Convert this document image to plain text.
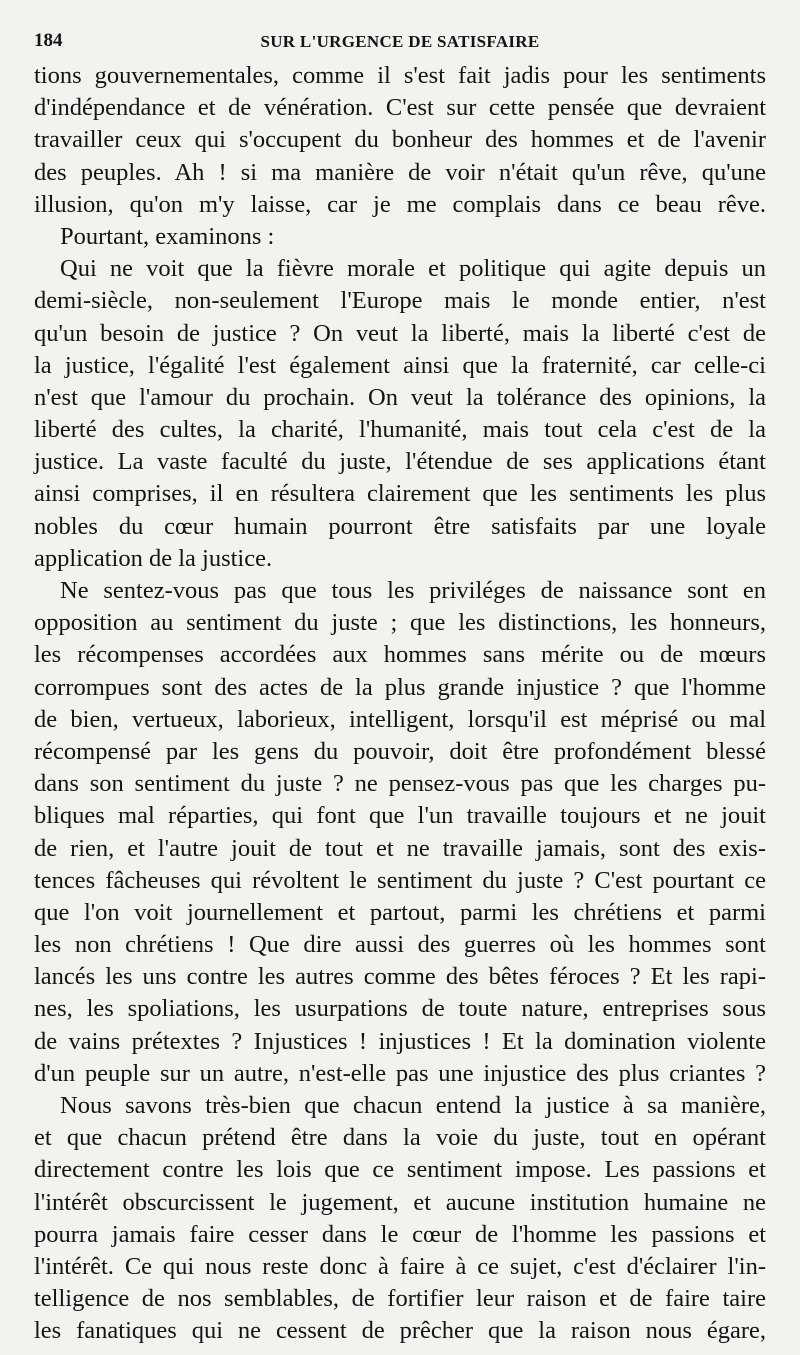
184	SUR L'URGENCE DE SATISFAIRE
tions gouvernementales, comme il s'est fait jadis pour les sentiments
d'indépendance et de vénération. C'est sur cette pensée que devraient
travailler ceux qui s'occupent du bonheur des hommes et de l'avenir
des peuples. Ah ! si ma manière de voir n'était qu'un rêve, qu'une
illusion, qu'on m'y laisse, car je me complais dans ce beau rêve.
Pourtant, examinons :
Qui ne voit que la fièvre morale et politique qui agite depuis un
demi-siècle, non-seulement l'Europe mais le monde entier, n'est
qu'un besoin de justice ? On veut la liberté, mais la liberté c'est de
la justice, l'égalité l'est également ainsi que la fraternité, car celle-ci
n'est que l'amour du prochain. On veut la tolérance des opinions, la
liberté des cultes, la charité, l'humanité, mais tout cela c'est de la
justice. La vaste faculté du juste, l'étendue de ses applications étant
ainsi comprises, il en résultera clairement que les sentiments les plus
nobles du cœur humain pourront être satisfaits par une loyale
application de la justice.
Ne sentez-vous pas que tous les priviléges de naissance sont en
opposition au sentiment du juste ; que les distinctions, les honneurs,
les récompenses accordées aux hommes sans mérite ou de mœurs
corrompues sont des actes de la plus grande injustice ? que l'homme
de bien, vertueux, laborieux, intelligent, lorsqu'il est méprisé ou mal
récompensé par les gens du pouvoir, doit être profondément blessé
dans son sentiment du juste ? ne pensez-vous pas que les charges pu-
bliques mal réparties, qui font que l'un travaille toujours et ne jouit
de rien, et l'autre jouit de tout et ne travaille jamais, sont des exis-
tences fâcheuses qui révoltent le sentiment du juste ? C'est pourtant ce
que l'on voit journellement et partout, parmi les chrétiens et parmi
les non chrétiens ! Que dire aussi des guerres où les hommes sont
lancés les uns contre les autres comme des bêtes féroces ? Et les rapi-
nes, les spoliations, les usurpations de toute nature, entreprises sous
de vains prétextes ? Injustices ! injustices ! Et la domination violente
d'un peuple sur un autre, n'est-elle pas une injustice des plus criantes ?
Nous savons très-bien que chacun entend la justice à sa manière,
et que chacun prétend être dans la voie du juste, tout en opérant
directement contre les lois que ce sentiment impose. Les passions et
l'intérêt obscurcissent le jugement, et aucune institution humaine ne
pourra jamais faire cesser dans le cœur de l'homme les passions et
l'intérêt. Ce qui nous reste donc à faire à ce sujet, c'est d'éclairer l'in-
telligence de nos semblables, de fortifier leur raison et de faire taire
les fanatiques qui ne cessent de prêcher que la raison nous égare,
